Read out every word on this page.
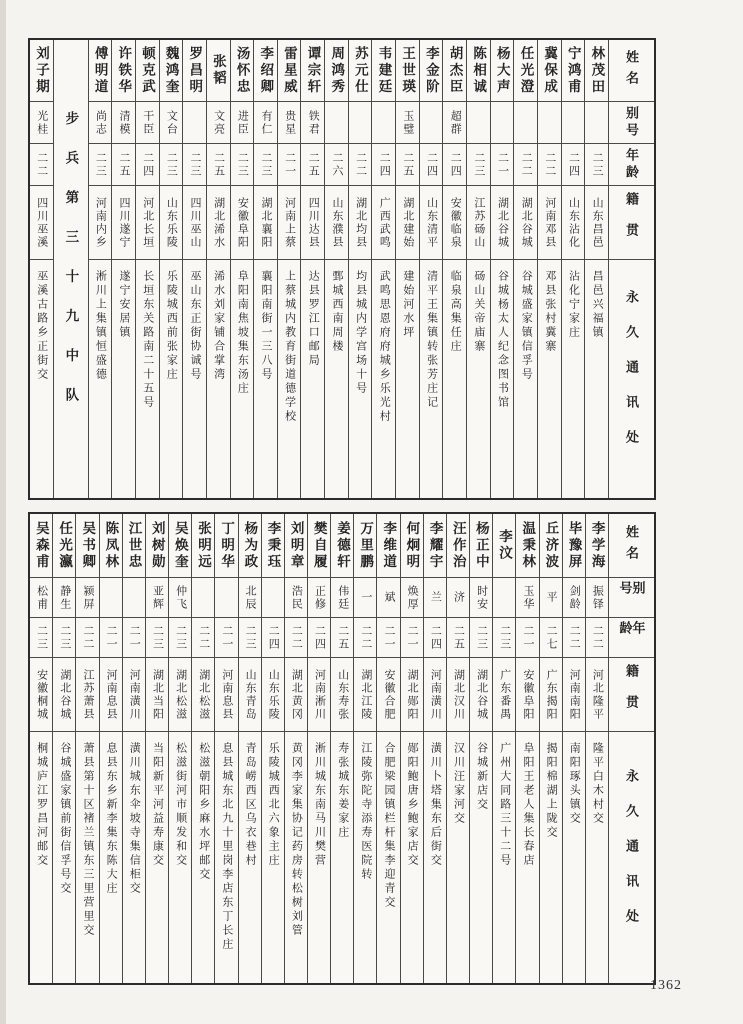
姓名
别号
年龄
籍贯
永久通讯处
林茂田
二三
山东昌邑
昌邑兴福镇
宁鸿甫
二四
山东沾化
沾化宁家庄
冀保成
二二
河南邓县
邓县张村冀寨
任光澄
二二
湖北谷城
谷城盛家镇信孚号
杨大声
二一
湖北谷城
谷城杨太人纪念图书馆
陈相诚
二三
江苏砀山
砀山关帝庙寨
胡杰臣
超群
二四
安徽临泉
临泉高集任庄
李金阶
二四
山东清平
清平王集镇转张芳庄记
王世瑛
玉璧
二五
湖北建始
建始河水坪
韦建廷
二四
广西武鸣
武鸣思恩府府城乡乐光村
苏元仕
二二
湖北均县
均县城内学宫场十号
周鸿秀
二六
山东濮县
鄄城西南周楼
谭宗轩
铁君
二五
四川达县
达县罗江口邮局
雷星威
贵星
二一
河南上蔡
上蔡城内教育街道德学校
李绍卿
有仁
二三
湖北襄阳
襄阳南街一三八号
汤怀忠
进臣
二三
安徽阜阳
阜阳南焦坡集东汤庄
张韬
文亮
二五
湖北浠水
浠水刘家铺合掌湾
罗昌明
二三
四川巫山
巫山东正街协诚号
魏鸿奎
文台
二三
山东乐陵
乐陵城西前张家庄
顿克武
干臣
二四
河北长垣
长垣东关路南二十五号
许铁华
清模
二五
四川遂宁
遂宁安居镇
傅明道
尚志
二三
河南内乡
淅川上集镇恒盛德
步兵第三十九中队
刘子期
光桂
二二
四川巫溪
巫溪古路乡正街交
姓名
别号
年龄
籍贯
永久通讯处
李学海
振铎
二二
河北隆平
隆平白木村交
毕豫屏
剑龄
二二
河南南阳
南阳琢头镇交
丘济波
平
二七
广东揭阳
揭阳棉湖上陇交
温秉林
玉华
二一
安徽阜阳
阜阳王老人集长春店
李汶
二三
广东番禺
广州大同路三十二号
杨正中
时安
二三
湖北谷城
谷城新店交
汪作治
济
二五
湖北汉川
汉川汪家河交
李耀宇
兰
二四
河南潢川
潢川卜塔集东后街交
何炯明
焕厚
二一
湖北郧阳
郧阳鲍唐乡鲍家店交
李维道
斌
二一
安徽合肥
合肥梁园镇栏杆集李迎青交
万里鹏
一
二二
湖北江陵
江陵弥陀寺添寿医院转
姜德轩
伟廷
二五
山东寿张
寿张城东姜家庄
樊自履
正修
二四
河南淅川
淅川城东南马川樊营
刘明章
浩民
二二
湖北黄冈
黄冈李家集协记药房转松树刘管
李秉珏
二四
山东乐陵
乐陵城西北六象主庄
杨为政
北辰
二三
山东青岛
青岛崂西区乌衣巷村
丁明华
二一
河南息县
息县城东北九十里岗李店东丁长庄
张明远
二二
湖北松滋
松滋朝阳乡麻水坪邮交
吴焕奎
仲飞
二三
湖北松滋
松滋街河市顺发和交
刘树勋
亚辉
二三
湖北当阳
当阳新平河益寿康交
江世忠
二一
河南潢川
潢川城东伞坡寺集信柜交
陈凤林
二一
河南息县
息县东乡新李集东陈大庄
吴书卿
颍屏
二二
江苏萧县
萧县第十区褚兰镇东三里营里交
任光瀛
静生
二三
湖北谷城
谷城盛家镇前街信孚号交
吴森甫
松甫
二三
安徽桐城
桐城庐江罗昌河邮交
1362
